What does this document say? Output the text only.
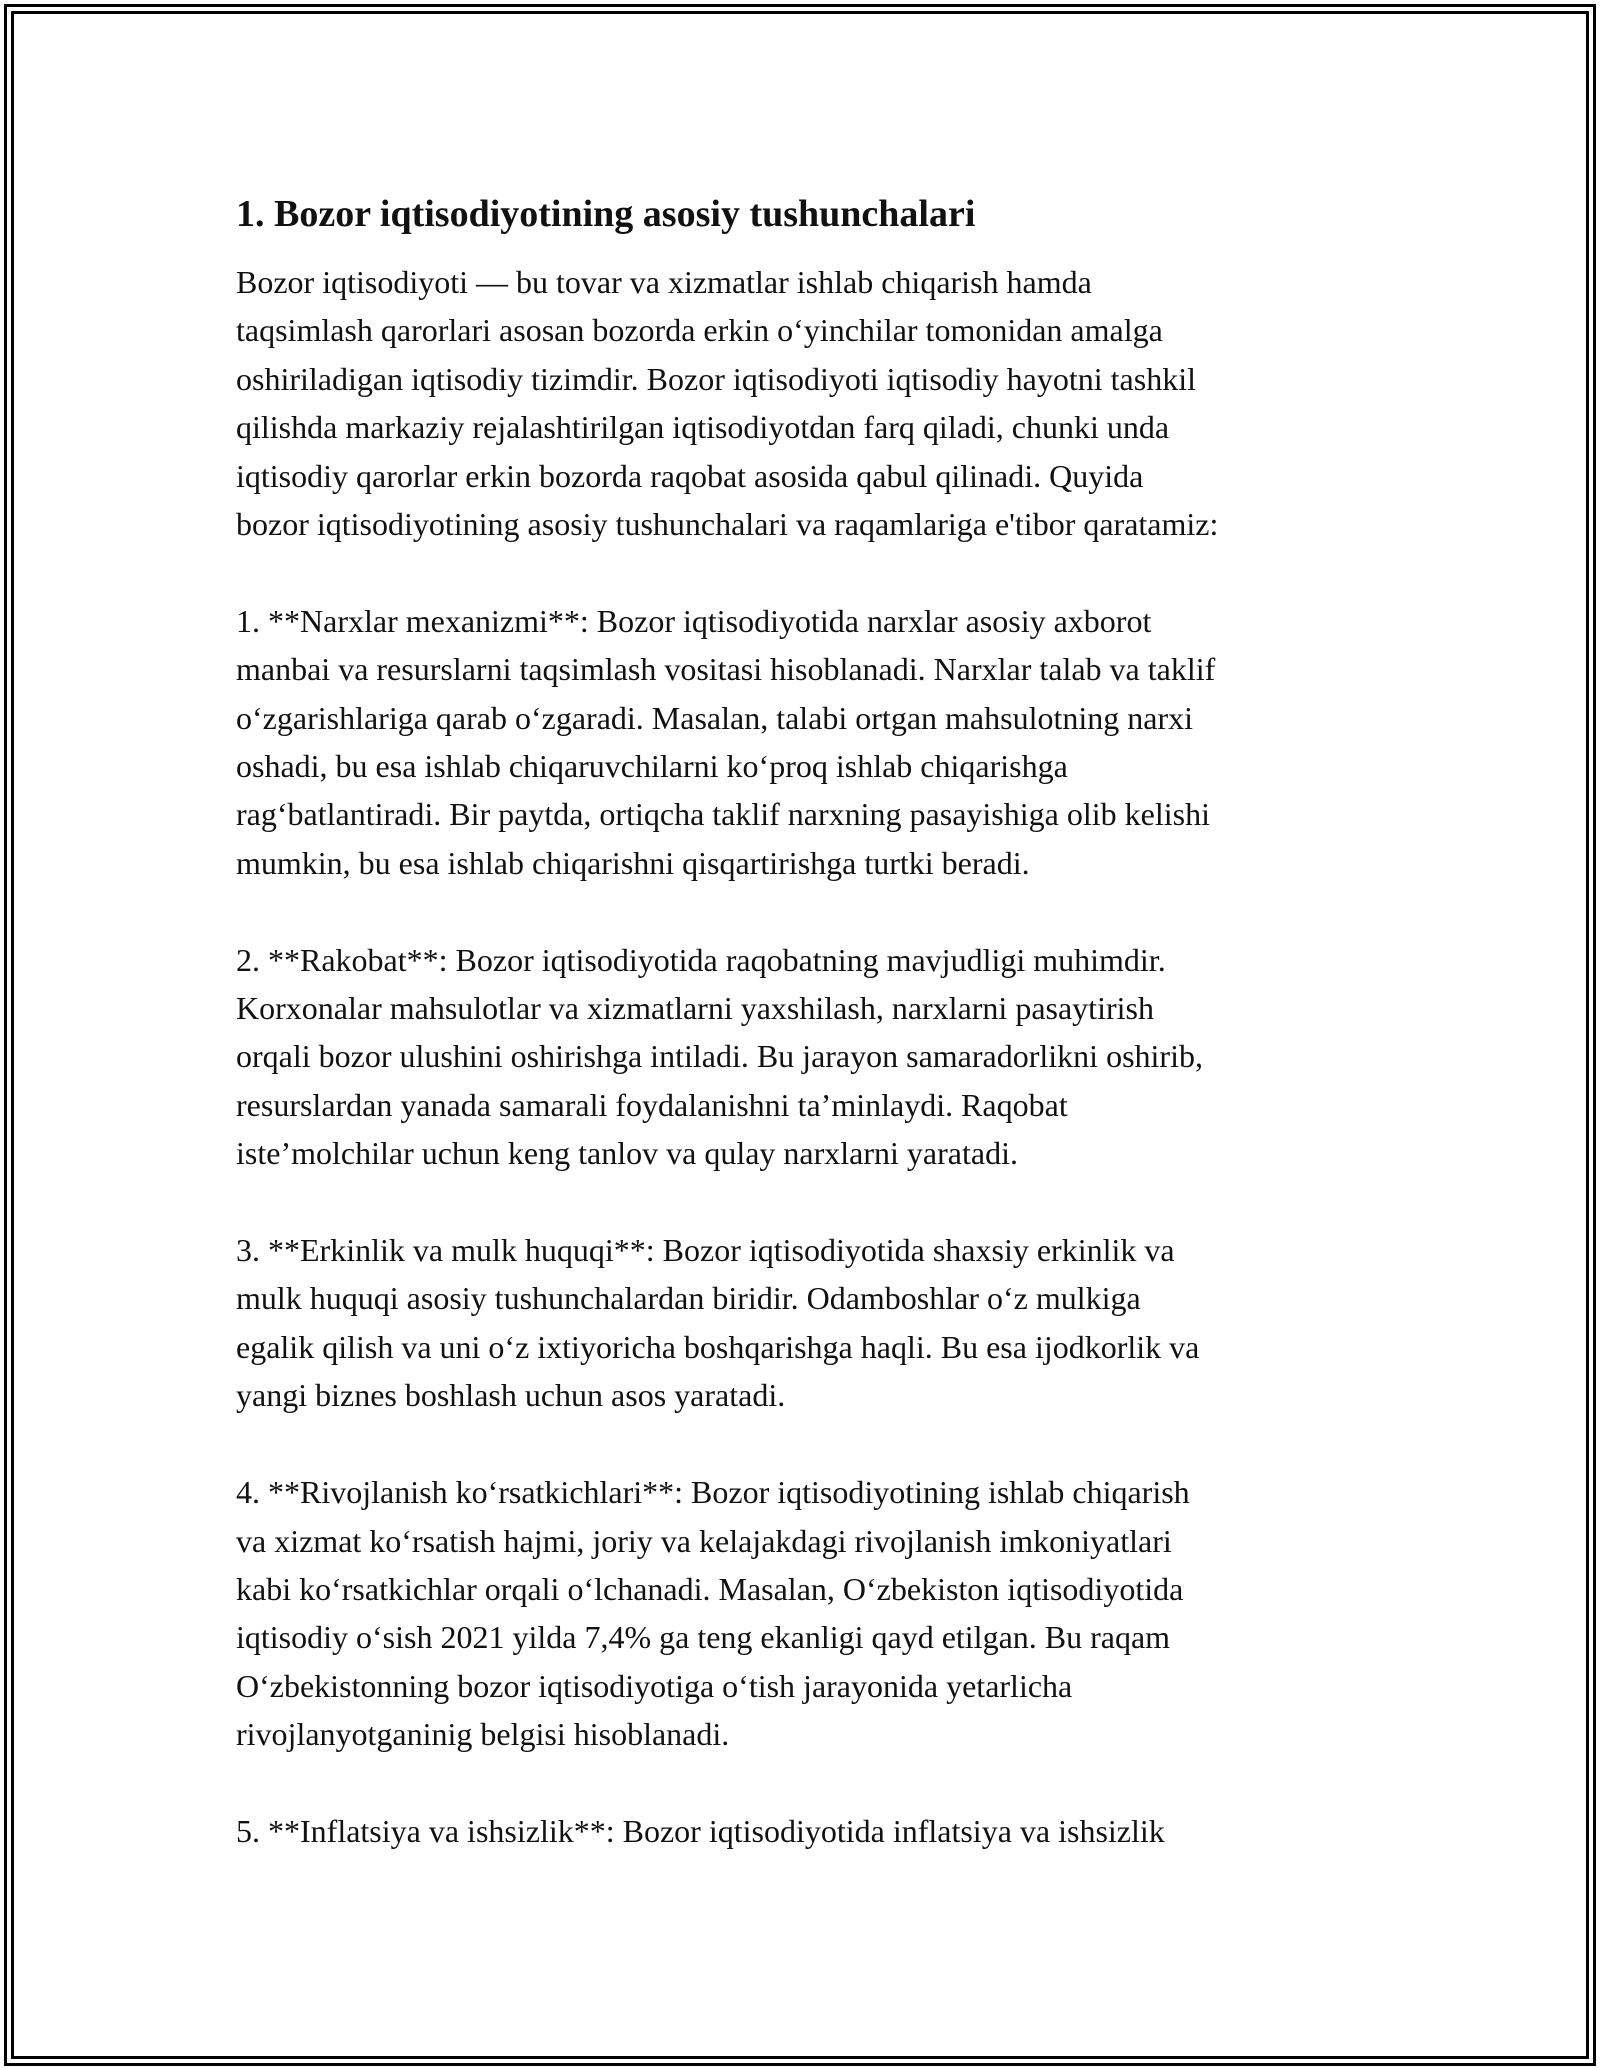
1. Bozor iqtisodiyotining asosiy tushunchalari

Bozor iqtisodiyoti — bu tovar va xizmatlar ishlab chiqarish hamda
taqsimlash qarorlari asosan bozorda erkin oʻyinchilar tomonidan amalga
oshiriladigan iqtisodiy tizimdir. Bozor iqtisodiyoti iqtisodiy hayotni tashkil
qilishda markaziy rejalashtirilgan iqtisodiyotdan farq qiladi, chunki unda
iqtisodiy qarorlar erkin bozorda raqobat asosida qabul qilinadi. Quyida
bozor iqtisodiyotining asosiy tushunchalari va raqamlariga e'tibor qaratamiz:

1. **Narxlar mexanizmi**: Bozor iqtisodiyotida narxlar asosiy axborot
manbai va resurslarni taqsimlash vositasi hisoblanadi. Narxlar talab va taklif
oʻzgarishlariga qarab oʻzgaradi. Masalan, talabi ortgan mahsulotning narxi
oshadi, bu esa ishlab chiqaruvchilarni koʻproq ishlab chiqarishga
ragʻbatlantiradi. Bir paytda, ortiqcha taklif narxning pasayishiga olib kelishi
mumkin, bu esa ishlab chiqarishni qisqartirishga turtki beradi.

2. **Rakobat**: Bozor iqtisodiyotida raqobatning mavjudligi muhimdir.
Korxonalar mahsulotlar va xizmatlarni yaxshilash, narxlarni pasaytirish
orqali bozor ulushini oshirishga intiladi. Bu jarayon samaradorlikni oshirib,
resurslardan yanada samarali foydalanishni ta’minlaydi. Raqobat
iste’molchilar uchun keng tanlov va qulay narxlarni yaratadi.

3. **Erkinlik va mulk huquqi**: Bozor iqtisodiyotida shaxsiy erkinlik va
mulk huquqi asosiy tushunchalardan biridir. Odamboshlar oʻz mulkiga
egalik qilish va uni oʻz ixtiyoricha boshqarishga haqli. Bu esa ijodkorlik va
yangi biznes boshlash uchun asos yaratadi.

4. **Rivojlanish koʻrsatkichlari**: Bozor iqtisodiyotining ishlab chiqarish
va xizmat koʻrsatish hajmi, joriy va kelajakdagi rivojlanish imkoniyatlari
kabi koʻrsatkichlar orqali oʻlchanadi. Masalan, Oʻzbekiston iqtisodiyotida
iqtisodiy oʻsish 2021 yilda 7,4% ga teng ekanligi qayd etilgan. Bu raqam
Oʻzbekistonning bozor iqtisodiyotiga oʻtish jarayonida yetarlicha
rivojlanyotganinig belgisi hisoblanadi.

5. **Inflatsiya va ishsizlik**: Bozor iqtisodiyotida inflatsiya va ishsizlik
